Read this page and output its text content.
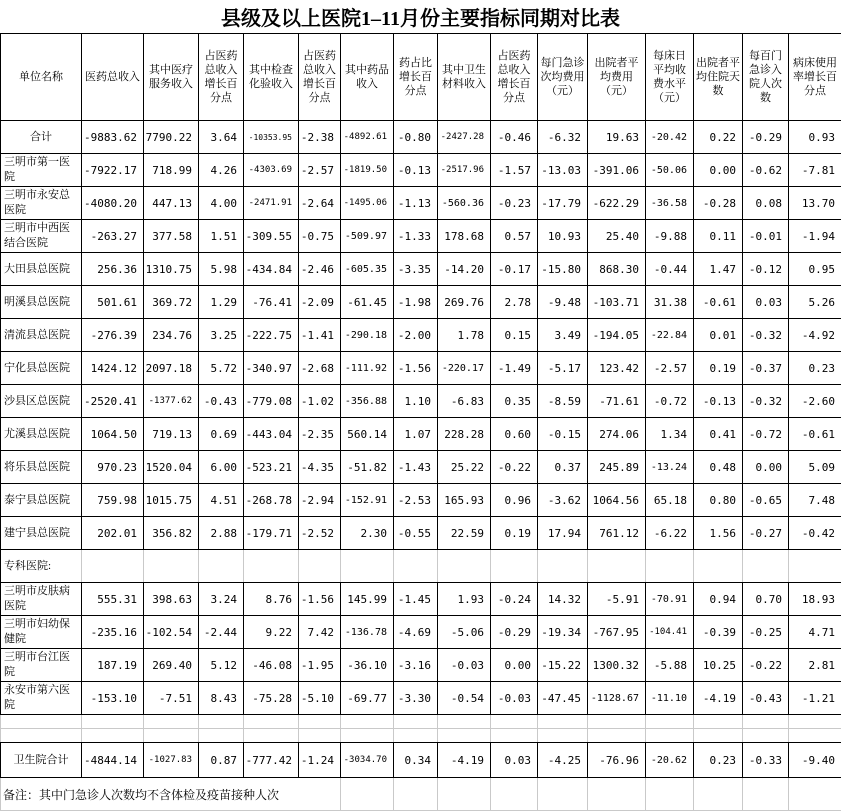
县级及以上医院1–11月份主要指标同期对比表
单位名称	医药总收入	其中医疗服务收入	占医药总收入增长百分点	其中检查化验收入	占医药总收入增长百分点	其中药品收入	药占比增长百分点	其中卫生材料收入	占医药总收入增长百分点	每门急诊次均费用（元）	出院者平均费用（元）	每床日平均收费水平（元）	出院者平均住院天数	每百门急诊入院人次数	病床使用率增长百分点
合计	-9883.62	7790.22	3.64	-10353.95	-2.38	-4892.61	-0.80	-2427.28	-0.46	-6.32	19.63	-20.42	0.22	-0.29	0.93
三明市第一医院	-7922.17	718.99	4.26	-4303.69	-2.57	-1819.50	-0.13	-2517.96	-1.57	-13.03	-391.06	-50.06	0.00	-0.62	-7.81
三明市永安总医院	-4080.20	447.13	4.00	-2471.91	-2.64	-1495.06	-1.13	-560.36	-0.23	-17.79	-622.29	-36.58	-0.28	0.08	13.70
三明市中西医结合医院	-263.27	377.58	1.51	-309.55	-0.75	-509.97	-1.33	178.68	0.57	10.93	25.40	-9.88	0.11	-0.01	-1.94
大田县总医院	256.36	1310.75	5.98	-434.84	-2.46	-605.35	-3.35	-14.20	-0.17	-15.80	868.30	-0.44	1.47	-0.12	0.95
明溪县总医院	501.61	369.72	1.29	-76.41	-2.09	-61.45	-1.98	269.76	2.78	-9.48	-103.71	31.38	-0.61	0.03	5.26
清流县总医院	-276.39	234.76	3.25	-222.75	-1.41	-290.18	-2.00	1.78	0.15	3.49	-194.05	-22.84	0.01	-0.32	-4.92
宁化县总医院	1424.12	2097.18	5.72	-340.97	-2.68	-111.92	-1.56	-220.17	-1.49	-5.17	123.42	-2.57	0.19	-0.37	0.23
沙县区总医院	-2520.41	-1377.62	-0.43	-779.08	-1.02	-356.88	1.10	-6.83	0.35	-8.59	-71.61	-0.72	-0.13	-0.32	-2.60
尤溪县总医院	1064.50	719.13	0.69	-443.04	-2.35	560.14	1.07	228.28	0.60	-0.15	274.06	1.34	0.41	-0.72	-0.61
将乐县总医院	970.23	1520.04	6.00	-523.21	-4.35	-51.82	-1.43	25.22	-0.22	0.37	245.89	-13.24	0.48	0.00	5.09
泰宁县总医院	759.98	1015.75	4.51	-268.78	-2.94	-152.91	-2.53	165.93	0.96	-3.62	1064.56	65.18	0.80	-0.65	7.48
建宁县总医院	202.01	356.82	2.88	-179.71	-2.52	2.30	-0.55	22.59	0.19	17.94	761.12	-6.22	1.56	-0.27	-0.42
专科医院:															
三明市皮肤病医院	555.31	398.63	3.24	8.76	-1.56	145.99	-1.45	1.93	-0.24	14.32	-5.91	-70.91	0.94	0.70	18.93
三明市妇幼保健院	-235.16	-102.54	-2.44	9.22	7.42	-136.78	-4.69	-5.06	-0.29	-19.34	-767.95	-104.41	-0.39	-0.25	4.71
三明市台江医院	187.19	269.40	5.12	-46.08	-1.95	-36.10	-3.16	-0.03	0.00	-15.22	1300.32	-5.88	10.25	-0.22	2.81
永安市第六医院	-153.10	-7.51	8.43	-75.28	-5.10	-69.77	-3.30	-0.54	-0.03	-47.45	-1128.67	-11.10	-4.19	-0.43	-1.21

卫生院合计	-4844.14	-1027.83	0.87	-777.42	-1.24	-3034.70	0.34	-4.19	0.03	-4.25	-76.96	-20.62	0.23	-0.33	-9.40
备注：其中门急诊人次数均不含体检及疫苗接种人次															
